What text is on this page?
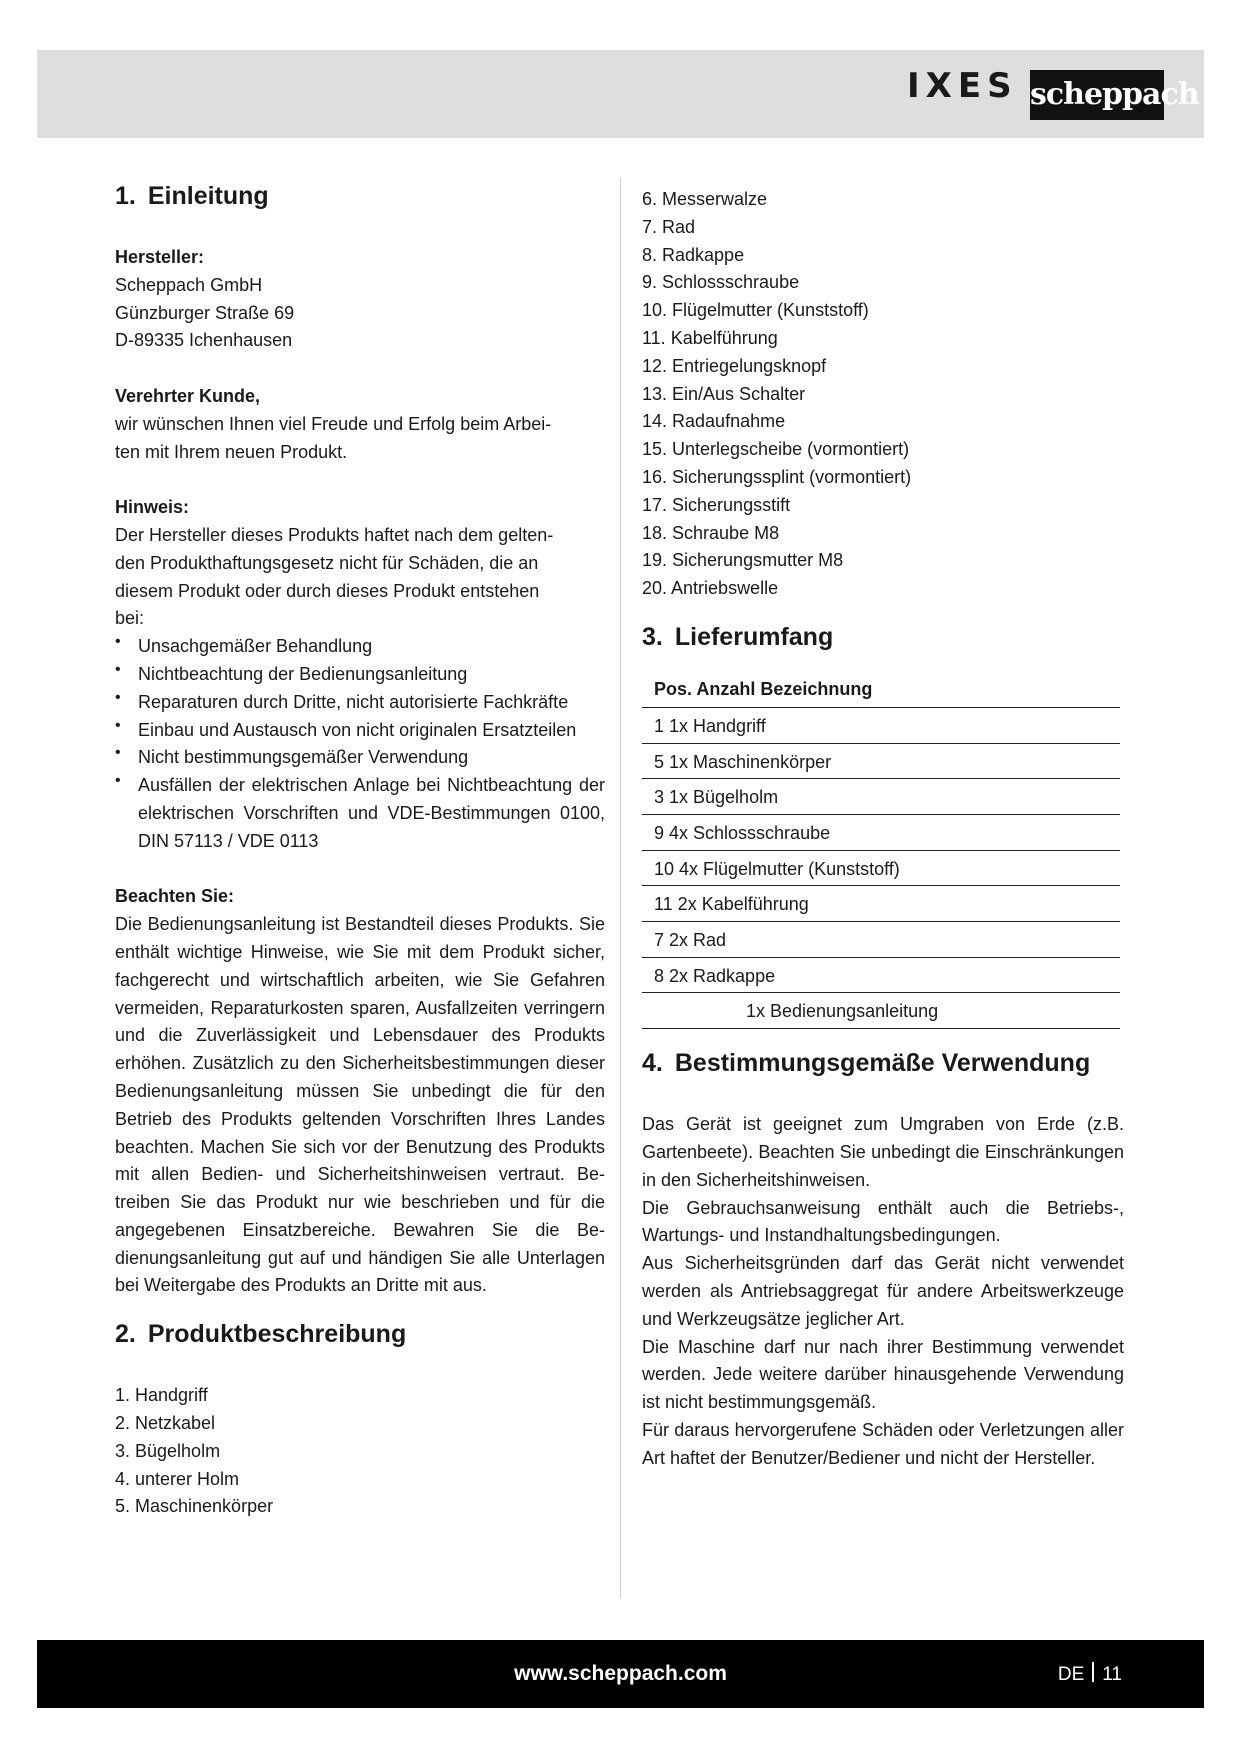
IXES scheppach
1. Einleitung
Hersteller:
Scheppach GmbH
Günzburger Straße 69
D-89335 Ichenhausen
Verehrter Kunde,
wir wünschen Ihnen viel Freude und Erfolg beim Arbei-
ten mit Ihrem neuen Produkt.
Hinweis:
Der Hersteller dieses Produkts haftet nach dem gelten-
den Produkthaftungsgesetz nicht für Schäden, die an
diesem Produkt oder durch dieses Produkt entstehen
bei:
• Unsachgemäßer Behandlung
• Nichtbeachtung der Bedienungsanleitung
• Reparaturen durch Dritte, nicht autorisierte Fachkräfte
• Einbau und Austausch von nicht originalen Ersatzteilen
• Nicht bestimmungsgemäßer Verwendung
• Ausfällen der elektrischen Anlage bei Nichtbeachtung der elektrischen Vorschriften und VDE-Bestimmungen 0100, DIN 57113 / VDE 0113
Beachten Sie:
Die Bedienungsanleitung ist Bestandteil dieses Produkts. Sie enthält wichtige Hinweise, wie Sie mit dem Produkt sicher, fachgerecht und wirtschaftlich arbeiten, wie Sie Gefahren vermeiden, Reparaturkosten sparen, Ausfallzeiten verringern und die Zuverlässigkeit und Lebensdauer des Produkts erhöhen. Zusätzlich zu den Sicherheitsbestimmungen dieser Bedienungsanleitung müssen Sie unbedingt die für den Betrieb des Produkts geltenden Vorschriften Ihres Landes beachten. Machen Sie sich vor der Benutzung des Produkts mit allen Bedien- und Sicherheitshinweisen vertraut. Betreiben Sie das Produkt nur wie beschrieben und für die angegebenen Einsatzbereiche. Bewahren Sie die Bedienungsanleitung gut auf und händigen Sie alle Unterlagen bei Weitergabe des Produkts an Dritte mit aus.
2. Produktbeschreibung
1. Handgriff
2. Netzkabel
3. Bügelholm
4. unterer Holm
5. Maschinenkörper
6. Messerwalze
7. Rad
8. Radkappe
9. Schlossschraube
10. Flügelmutter (Kunststoff)
11. Kabelführung
12. Entriegelungsknopf
13. Ein/Aus Schalter
14. Radaufnahme
15. Unterlegscheibe (vormontiert)
16. Sicherungssplint (vormontiert)
17. Sicherungsstift
18. Schraube M8
19. Sicherungsmutter M8
20. Antriebswelle
3. Lieferumfang
Pos. Anzahl Bezeichnung
1 1x Handgriff
5 1x Maschinenkörper
3 1x Bügelholm
9 4x Schlossschraube
10 4x Flügelmutter (Kunststoff)
11 2x Kabelführung
7 2x Rad
8 2x Radkappe
1x Bedienungsanleitung
4. Bestimmungsgemäße Verwendung
Das Gerät ist geeignet zum Umgraben von Erde (z.B. Gartenbeete). Beachten Sie unbedingt die Einschränkungen in den Sicherheitshinweisen.
Die Gebrauchsanweisung enthält auch die Betriebs-, Wartungs- und Instandhaltungsbedingungen.
Aus Sicherheitsgründen darf das Gerät nicht verwendet werden als Antriebsaggregat für andere Arbeitswerkzeuge und Werkzeugsätze jeglicher Art.
Die Maschine darf nur nach ihrer Bestimmung verwendet werden. Jede weitere darüber hinausgehende Verwendung ist nicht bestimmungsgemäß.
Für daraus hervorgerufene Schäden oder Verletzungen aller Art haftet der Benutzer/Bediener und nicht der Hersteller.
www.scheppach.com	DE 11
